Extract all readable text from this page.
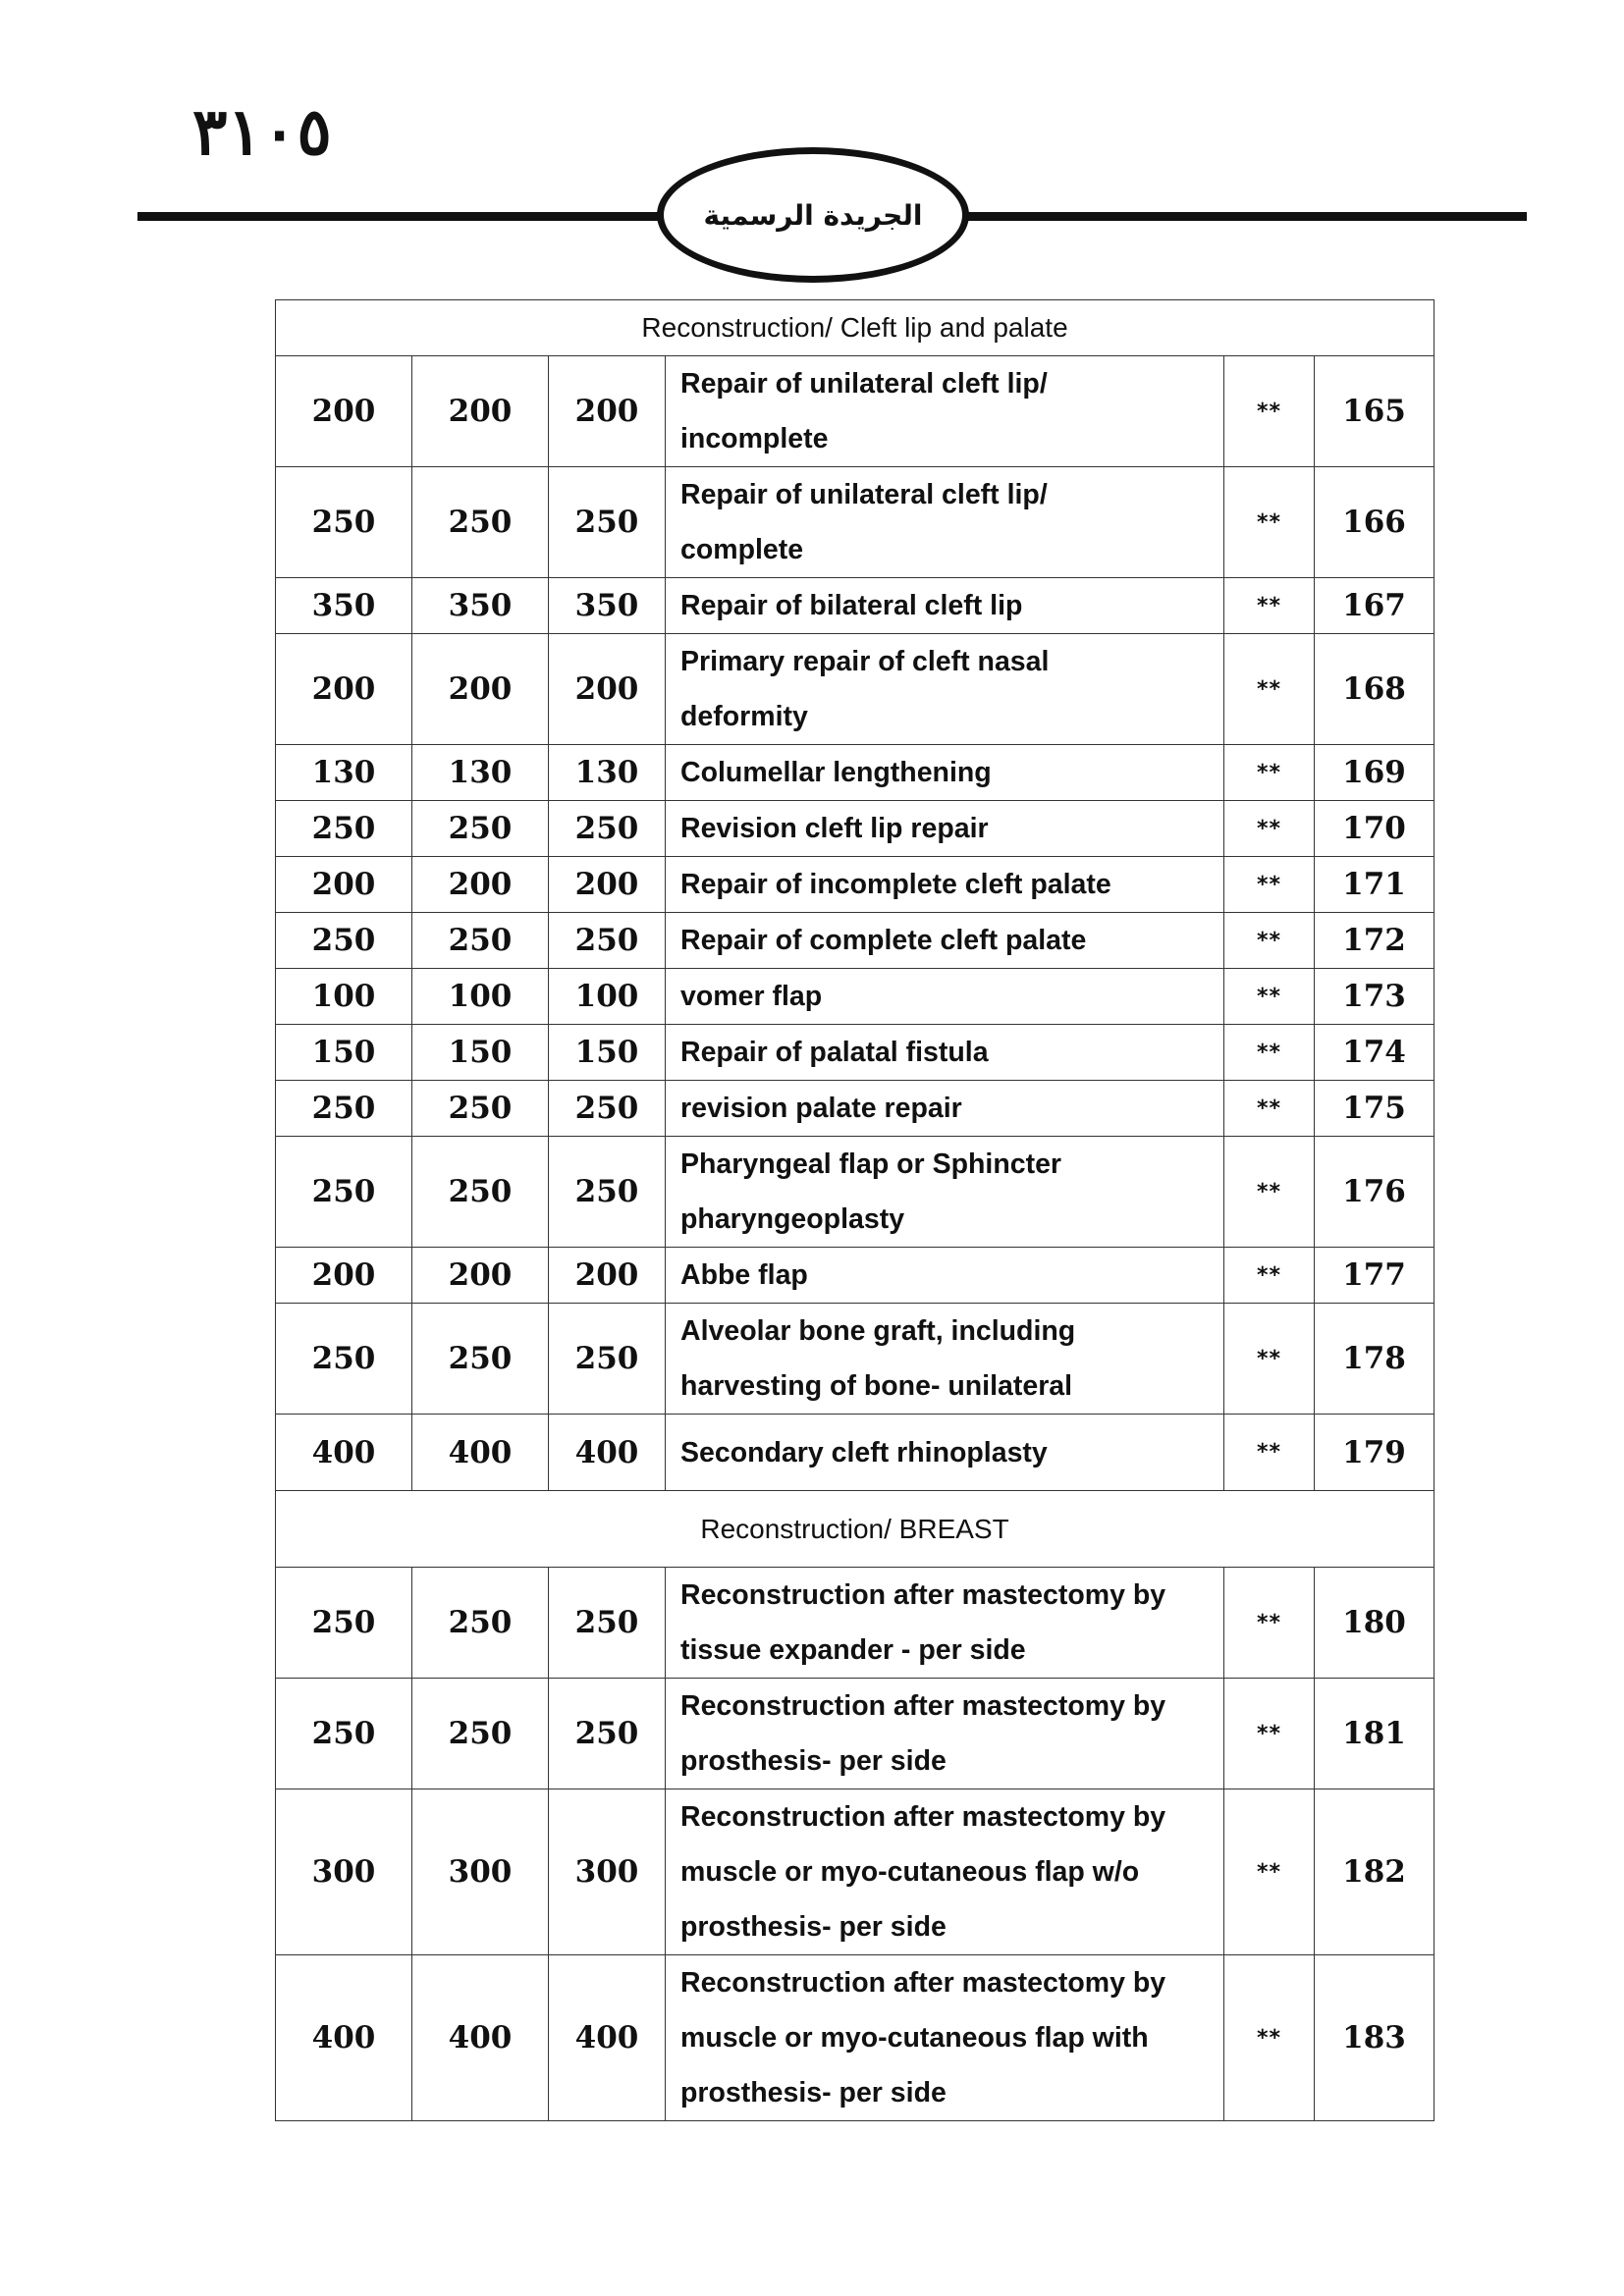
٣١٠٥
الجريدة الرسمية
Reconstruction/ Cleft lip and palate					
200	200	200	Repair of unilateral cleft lip/
incomplete	**	165
250	250	250	Repair of unilateral cleft lip/
complete	**	166
350	350	350	Repair of bilateral cleft lip	**	167
200	200	200	Primary repair of cleft nasal
deformity	**	168
130	130	130	Columellar lengthening	**	169
250	250	250	Revision cleft lip repair	**	170
200	200	200	Repair of incomplete cleft palate	**	171
250	250	250	Repair of complete cleft palate	**	172
100	100	100	vomer flap	**	173
150	150	150	Repair of palatal fistula	**	174
250	250	250	revision palate repair	**	175
250	250	250	Pharyngeal flap or Sphincter
pharyngeoplasty	**	176
200	200	200	Abbe flap	**	177
250	250	250	Alveolar bone graft, including
harvesting of bone- unilateral	**	178
400	400	400	Secondary cleft rhinoplasty	**	179
Reconstruction/ BREAST					
250	250	250	Reconstruction after mastectomy by
tissue expander - per side	**	180
250	250	250	Reconstruction after mastectomy by
prosthesis- per side	**	181
300	300	300	Reconstruction after mastectomy by
muscle or myo-cutaneous flap w/o
prosthesis- per side	**	182
400	400	400	Reconstruction after mastectomy by
muscle or myo-cutaneous flap with
prosthesis- per side	**	183
